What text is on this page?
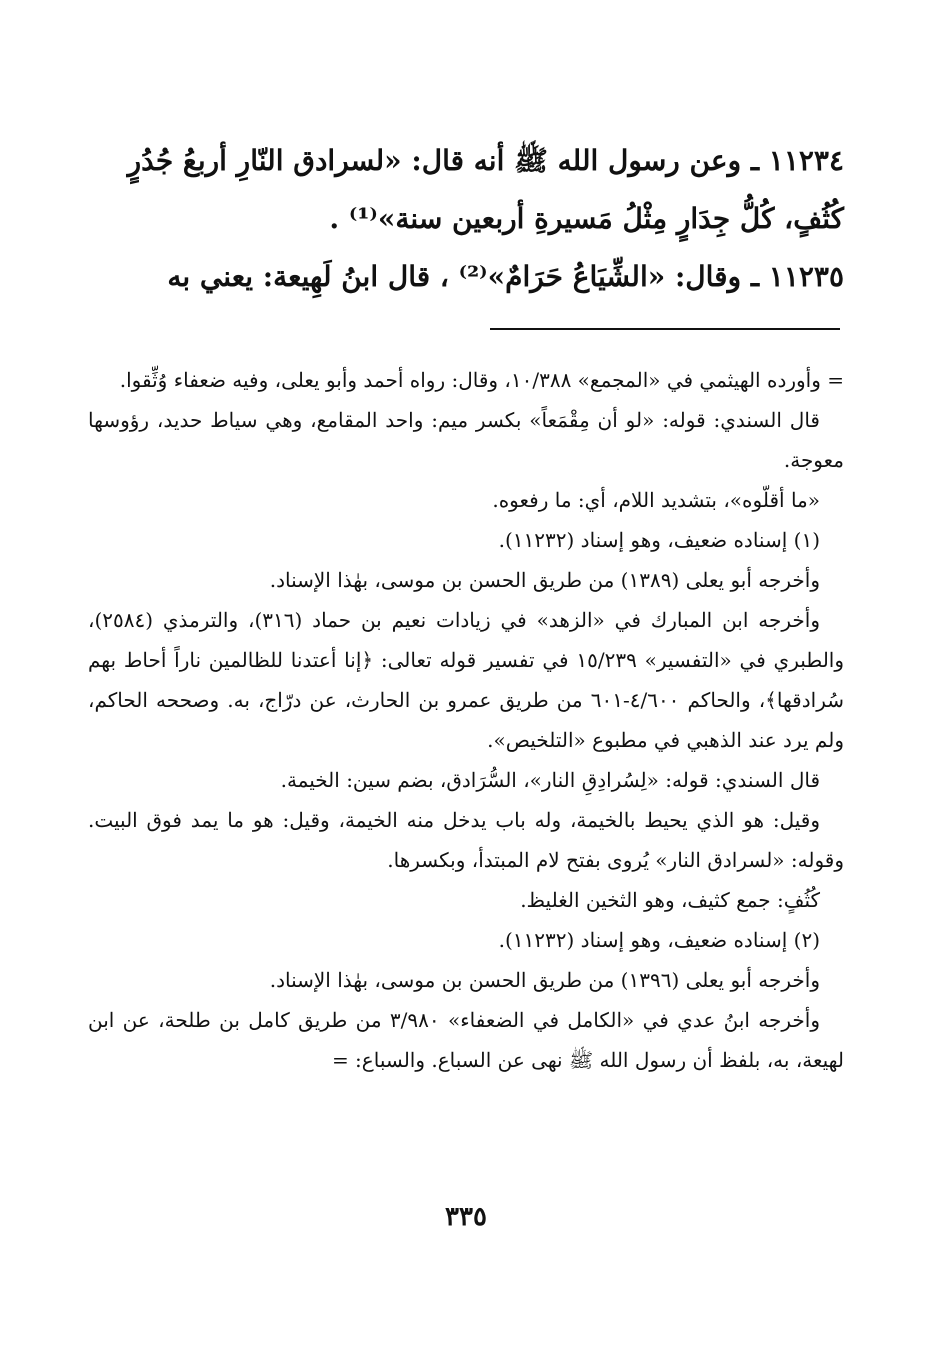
١١٢٣٤ ـ وعن رسول الله ﷺ أنه قال: «لسرادق النّارِ أربعُ جُدُرٍ

كُثُفٍ، كُلُّ جِدَارٍ مِثْلُ مَسيرةِ أربعين سنة»⁽¹⁾ .

١١٢٣٥ ـ وقال: «الشِّيَاعُ حَرَامٌ»⁽²⁾ ، قال ابنُ لَهِيعة: يعني به

= وأورده الهيثمي في «المجمع» ١٠/٣٨٨، وقال: رواه أحمد وأبو يعلى، وفيه ضعفاء وُثِّقوا.

قال السندي: قوله: «لو أن مِقْمَعاً» بكسر ميم: واحد المقامع، وهي سياط حديد، رؤوسها معوجة.

«ما أقلّوه»، بتشديد اللام، أي: ما رفعوه.

(١) إسناده ضعيف، وهو إسناد (١١٢٣٢).

وأخرجه أبو يعلى (١٣٨٩) من طريق الحسن بن موسى، بهٰذا الإسناد.

وأخرجه ابن المبارك في «الزهد» في زيادات نعيم بن حماد (٣١٦)، والترمذي (٢٥٨٤)، والطبري في «التفسير» ١٥/٢٣٩ في تفسير قوله تعالى: ﴿إنا أعتدنا للظالمين ناراً أحاط بهم سُرادقها﴾، والحاكم ٤/٦٠٠-٦٠١ من طريق عمرو بن الحارث، عن درّاج، به. وصححه الحاكم، ولم يرد عند الذهبي في مطبوع «التلخيص».

قال السندي: قوله: «لِسُرادِقِ النار»، السُّرَادق، بضم سين: الخيمة.

وقيل: هو الذي يحيط بالخيمة، وله باب يدخل منه الخيمة، وقيل: هو ما يمد فوق البيت. وقوله: «لسرادق النار» يُروى بفتح لام المبتدأ، وبكسرها.

كُثُفٍ: جمع كثيف، وهو الثخين الغليظ.

(٢) إسناده ضعيف، وهو إسناد (١١٢٣٢).

وأخرجه أبو يعلى (١٣٩٦) من طريق الحسن بن موسى، بهٰذا الإسناد.

وأخرجه ابنُ عدي في «الكامل في الضعفاء» ٣/٩٨٠ من طريق كامل بن طلحة، عن ابن لهيعة، به، بلفظ أن رسول الله ﷺ نهى عن السباع. والسباع: =

٣٣٥
